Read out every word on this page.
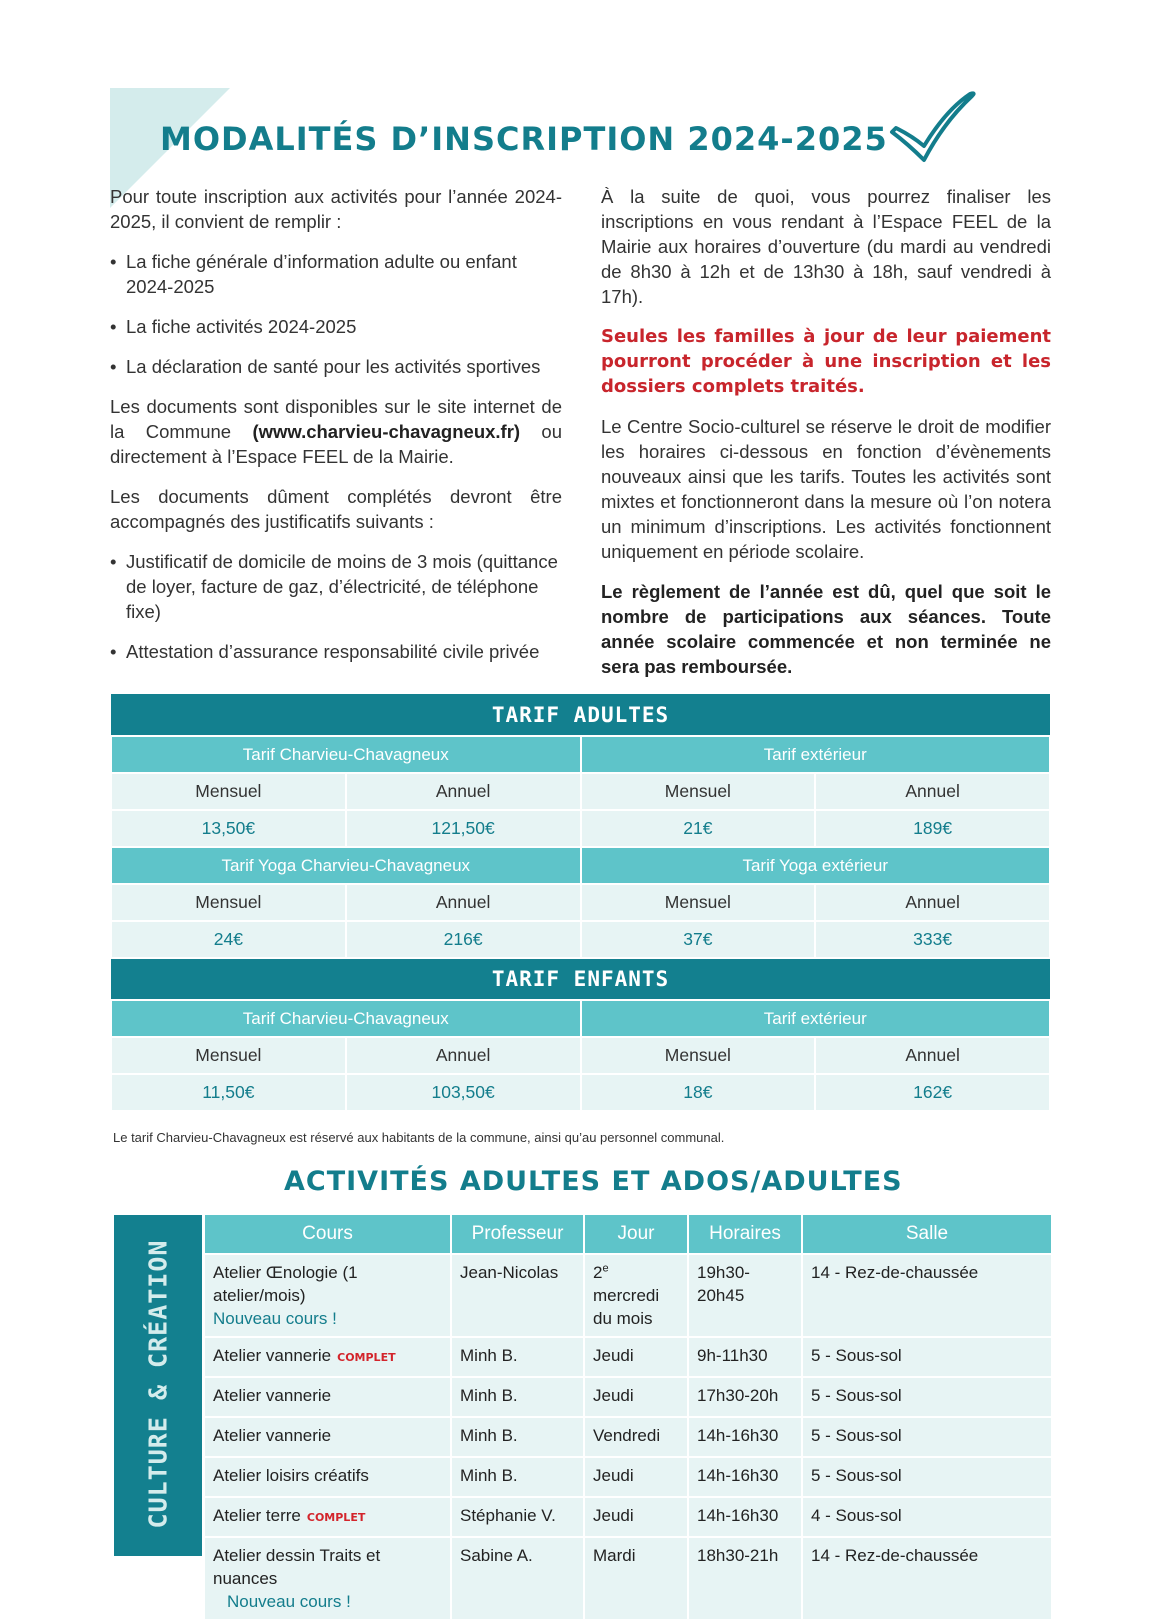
MODALITÉS D’INSCRIPTION 2024-2025

Pour toute inscription aux activités pour l’année 2024-2025, il convient de remplir :

• La fiche générale d’information adulte ou enfant 2024-2025
• La fiche activités 2024-2025
• La déclaration de santé pour les activités sportives

Les documents sont disponibles sur le site internet de la Commune (www.charvieu-chavagneux.fr) ou directement à l’Espace FEEL de la Mairie.

Les documents dûment complétés devront être accompagnés des justificatifs suivants :

• Justificatif de domicile de moins de 3 mois (quittance de loyer, facture de gaz, d’électricité, de téléphone fixe)
• Attestation d’assurance responsabilité civile privée

À la suite de quoi, vous pourrez finaliser les inscriptions en vous rendant à l’Espace FEEL de la Mairie aux horaires d’ouverture (du mardi au vendredi de 8h30 à 12h et de 13h30 à 18h, sauf vendredi à 17h).

Seules les familles à jour de leur paiement pourront procéder à une inscription et les dossiers complets traités.

Le Centre Socio-culturel se réserve le droit de modifier les horaires ci-dessous en fonction d’évènements nouveaux ainsi que les tarifs. Toutes les activités sont mixtes et fonctionneront dans la mesure où l’on notera un minimum d’inscriptions. Les activités fonctionnent uniquement en période scolaire.

Le règlement de l’année est dû, quel que soit le nombre de participations aux séances. Toute année scolaire commencée et non terminée ne sera pas remboursée.

TARIF ADULTES			
Tarif Charvieu-Chavagneux		Tarif extérieur	
Mensuel	Annuel	Mensuel	Annuel
13,50€	121,50€	21€	189€
Tarif Yoga Charvieu-Chavagneux		Tarif Yoga extérieur	
Mensuel	Annuel	Mensuel	Annuel
24€	216€	37€	333€
TARIF ENFANTS			
Tarif Charvieu-Chavagneux		Tarif extérieur	
Mensuel	Annuel	Mensuel	Annuel
11,50€	103,50€	18€	162€
Le tarif Charvieu-Chavagneux est réservé aux habitants de la commune, ainsi qu’au personnel communal.
ACTIVITÉS ADULTES ET ADOS/ADULTES
CULTURE & CRÉATION
Cours	Professeur	Jour	Horaires	Salle

Atelier Œnologie (1 atelier/mois)
Nouveau cours !	Jean-Nicolas	2e mercredi du mois	19h30-20h45	14 - Rez-de-chaussée
Atelier vannerie COMPLET	Minh B.	Jeudi	9h-11h30	5 - Sous-sol
Atelier vannerie	Minh B.	Jeudi	17h30-20h	5 - Sous-sol
Atelier vannerie	Minh B.	Vendredi	14h-16h30	5 - Sous-sol
Atelier loisirs créatifs	Minh B.	Jeudi	14h-16h30	5 - Sous-sol
Atelier terre COMPLET	Stéphanie V.	Jeudi	14h-16h30	4 - Sous-sol

Atelier dessin Traits et nuances
Nouveau cours !	Sabine A.	Mardi	18h30-21h	14 - Rez-de-chaussée
